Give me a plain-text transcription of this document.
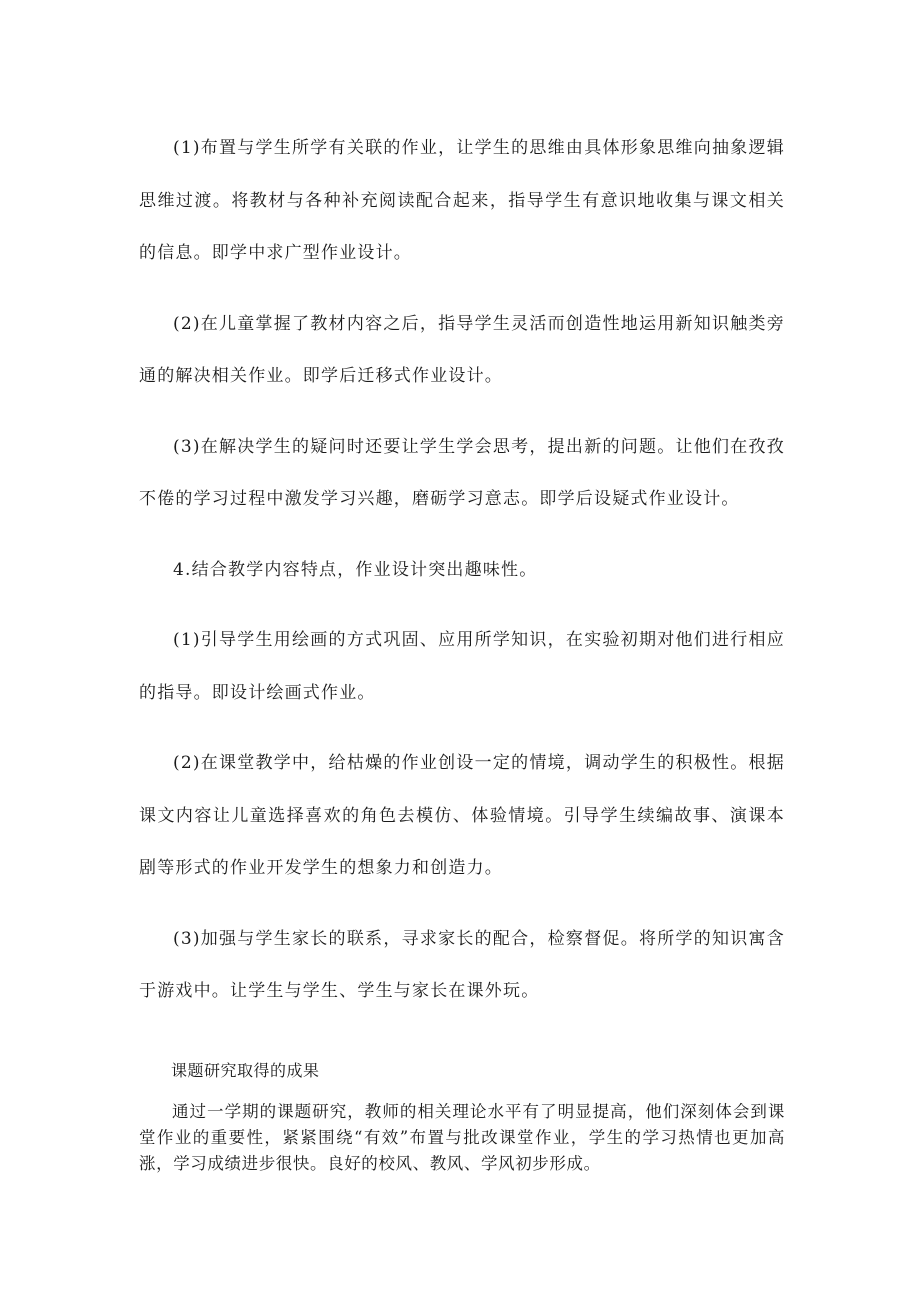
(1)布置与学生所学有关联的作业，让学生的思维由具体形象思维向抽象逻辑思维过渡。将教材与各种补充阅读配合起来，指导学生有意识地收集与课文相关的信息。即学中求广型作业设计。

(2)在儿童掌握了教材内容之后，指导学生灵活而创造性地运用新知识触类旁通的解决相关作业。即学后迁移式作业设计。

(3)在解决学生的疑问时还要让学生学会思考，提出新的问题。让他们在孜孜不倦的学习过程中激发学习兴趣，磨砺学习意志。即学后设疑式作业设计。

4.结合教学内容特点，作业设计突出趣味性。

(1)引导学生用绘画的方式巩固、应用所学知识，在实验初期对他们进行相应的指导。即设计绘画式作业。

(2)在课堂教学中，给枯燥的作业创设一定的情境，调动学生的积极性。根据课文内容让儿童选择喜欢的角色去模仿、体验情境。引导学生续编故事、演课本剧等形式的作业开发学生的想象力和创造力。

(3)加强与学生家长的联系，寻求家长的配合，检察督促。将所学的知识寓含于游戏中。让学生与学生、学生与家长在课外玩。

课题研究取得的成果

通过一学期的课题研究，教师的相关理论水平有了明显提高，他们深刻体会到课堂作业的重要性，紧紧围绕“有效”布置与批改课堂作业，学生的学习热情也更加高涨，学习成绩进步很快。良好的校风、教风、学风初步形成。
